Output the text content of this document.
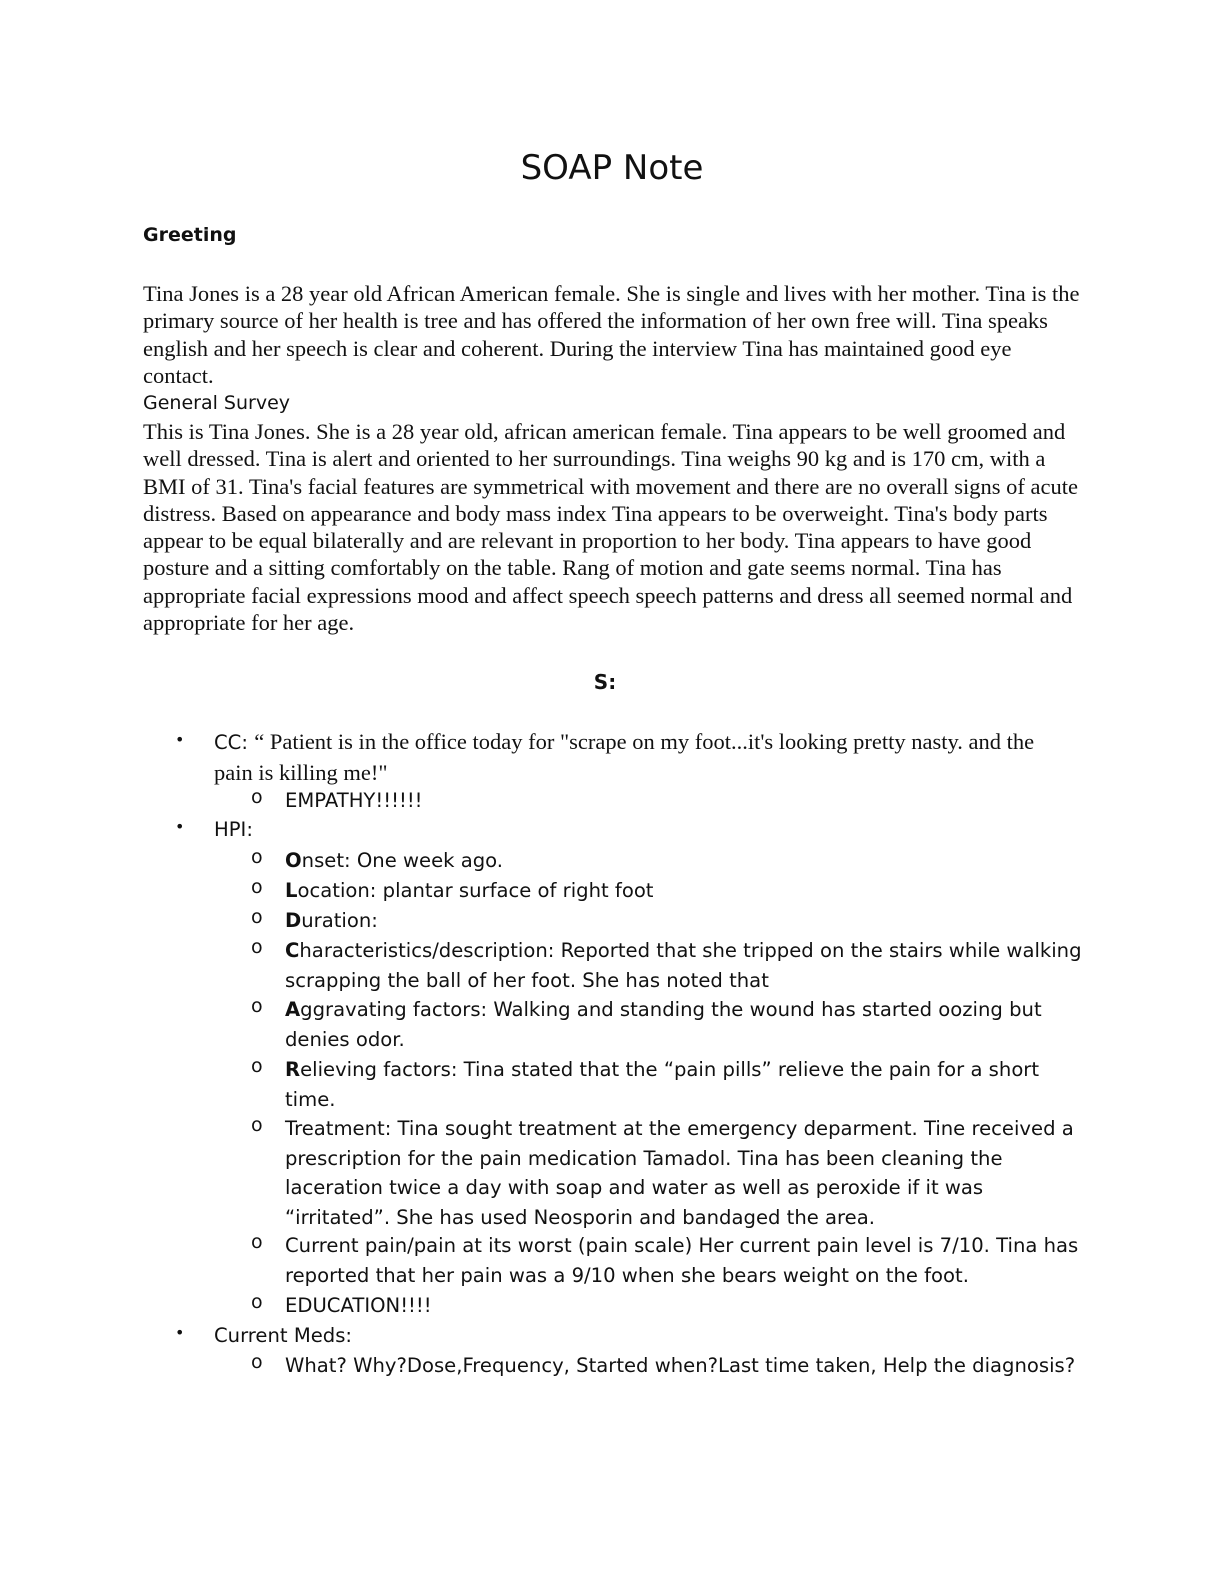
SOAP Note
Greeting

Tina Jones is a 28 year old African American female. She is single and lives with her mother. Tina is the primary source of her health is tree and has offered the information of her own free will. Tina speaks english and her speech is clear and coherent. During the interview Tina has maintained good eye contact.

General Survey

This is Tina Jones. She is a 28 year old, african american female. Tina appears to be well groomed and well dressed. Tina is alert and oriented to her surroundings. Tina weighs 90 kg and is 170 cm, with a BMI of 31. Tina's facial features are symmetrical with movement and there are no overall signs of acute distress. Based on appearance and body mass index Tina appears to be overweight. Tina's body parts appear to be equal bilaterally and are relevant in proportion to her body. Tina appears to have good posture and a sitting comfortably on the table. Rang of motion and gate seems normal. Tina has appropriate facial expressions mood and affect speech speech patterns and dress all seemed normal and appropriate for her age.

S:
• CC: “ Patient is in the office today for "scrape on my foot...it's looking pretty nasty. and the pain is killing me!"
o EMPATHY!!!!!!
• HPI:
o Onset: One week ago.
o Location: plantar surface of right foot
o Duration:
o Characteristics/description: Reported that she tripped on the stairs while walking scrapping the ball of her foot. She has noted that
o Aggravating factors: Walking and standing the wound has started oozing but denies odor.
o Relieving factors: Tina stated that the “pain pills” relieve the pain for a short time.
o Treatment: Tina sought treatment at the emergency deparment. Tine received a prescription for the pain medication Tamadol. Tina has been cleaning the laceration twice a day with soap and water as well as peroxide if it was “irritated”. She has used Neosporin and bandaged the area.
o Current pain/pain at its worst (pain scale) Her current pain level is 7/10. Tina has reported that her pain was a 9/10 when she bears weight on the foot.
o EDUCATION!!!!
• Current Meds:
o What? Why?Dose,Frequency, Started when?Last time taken, Help the diagnosis?
